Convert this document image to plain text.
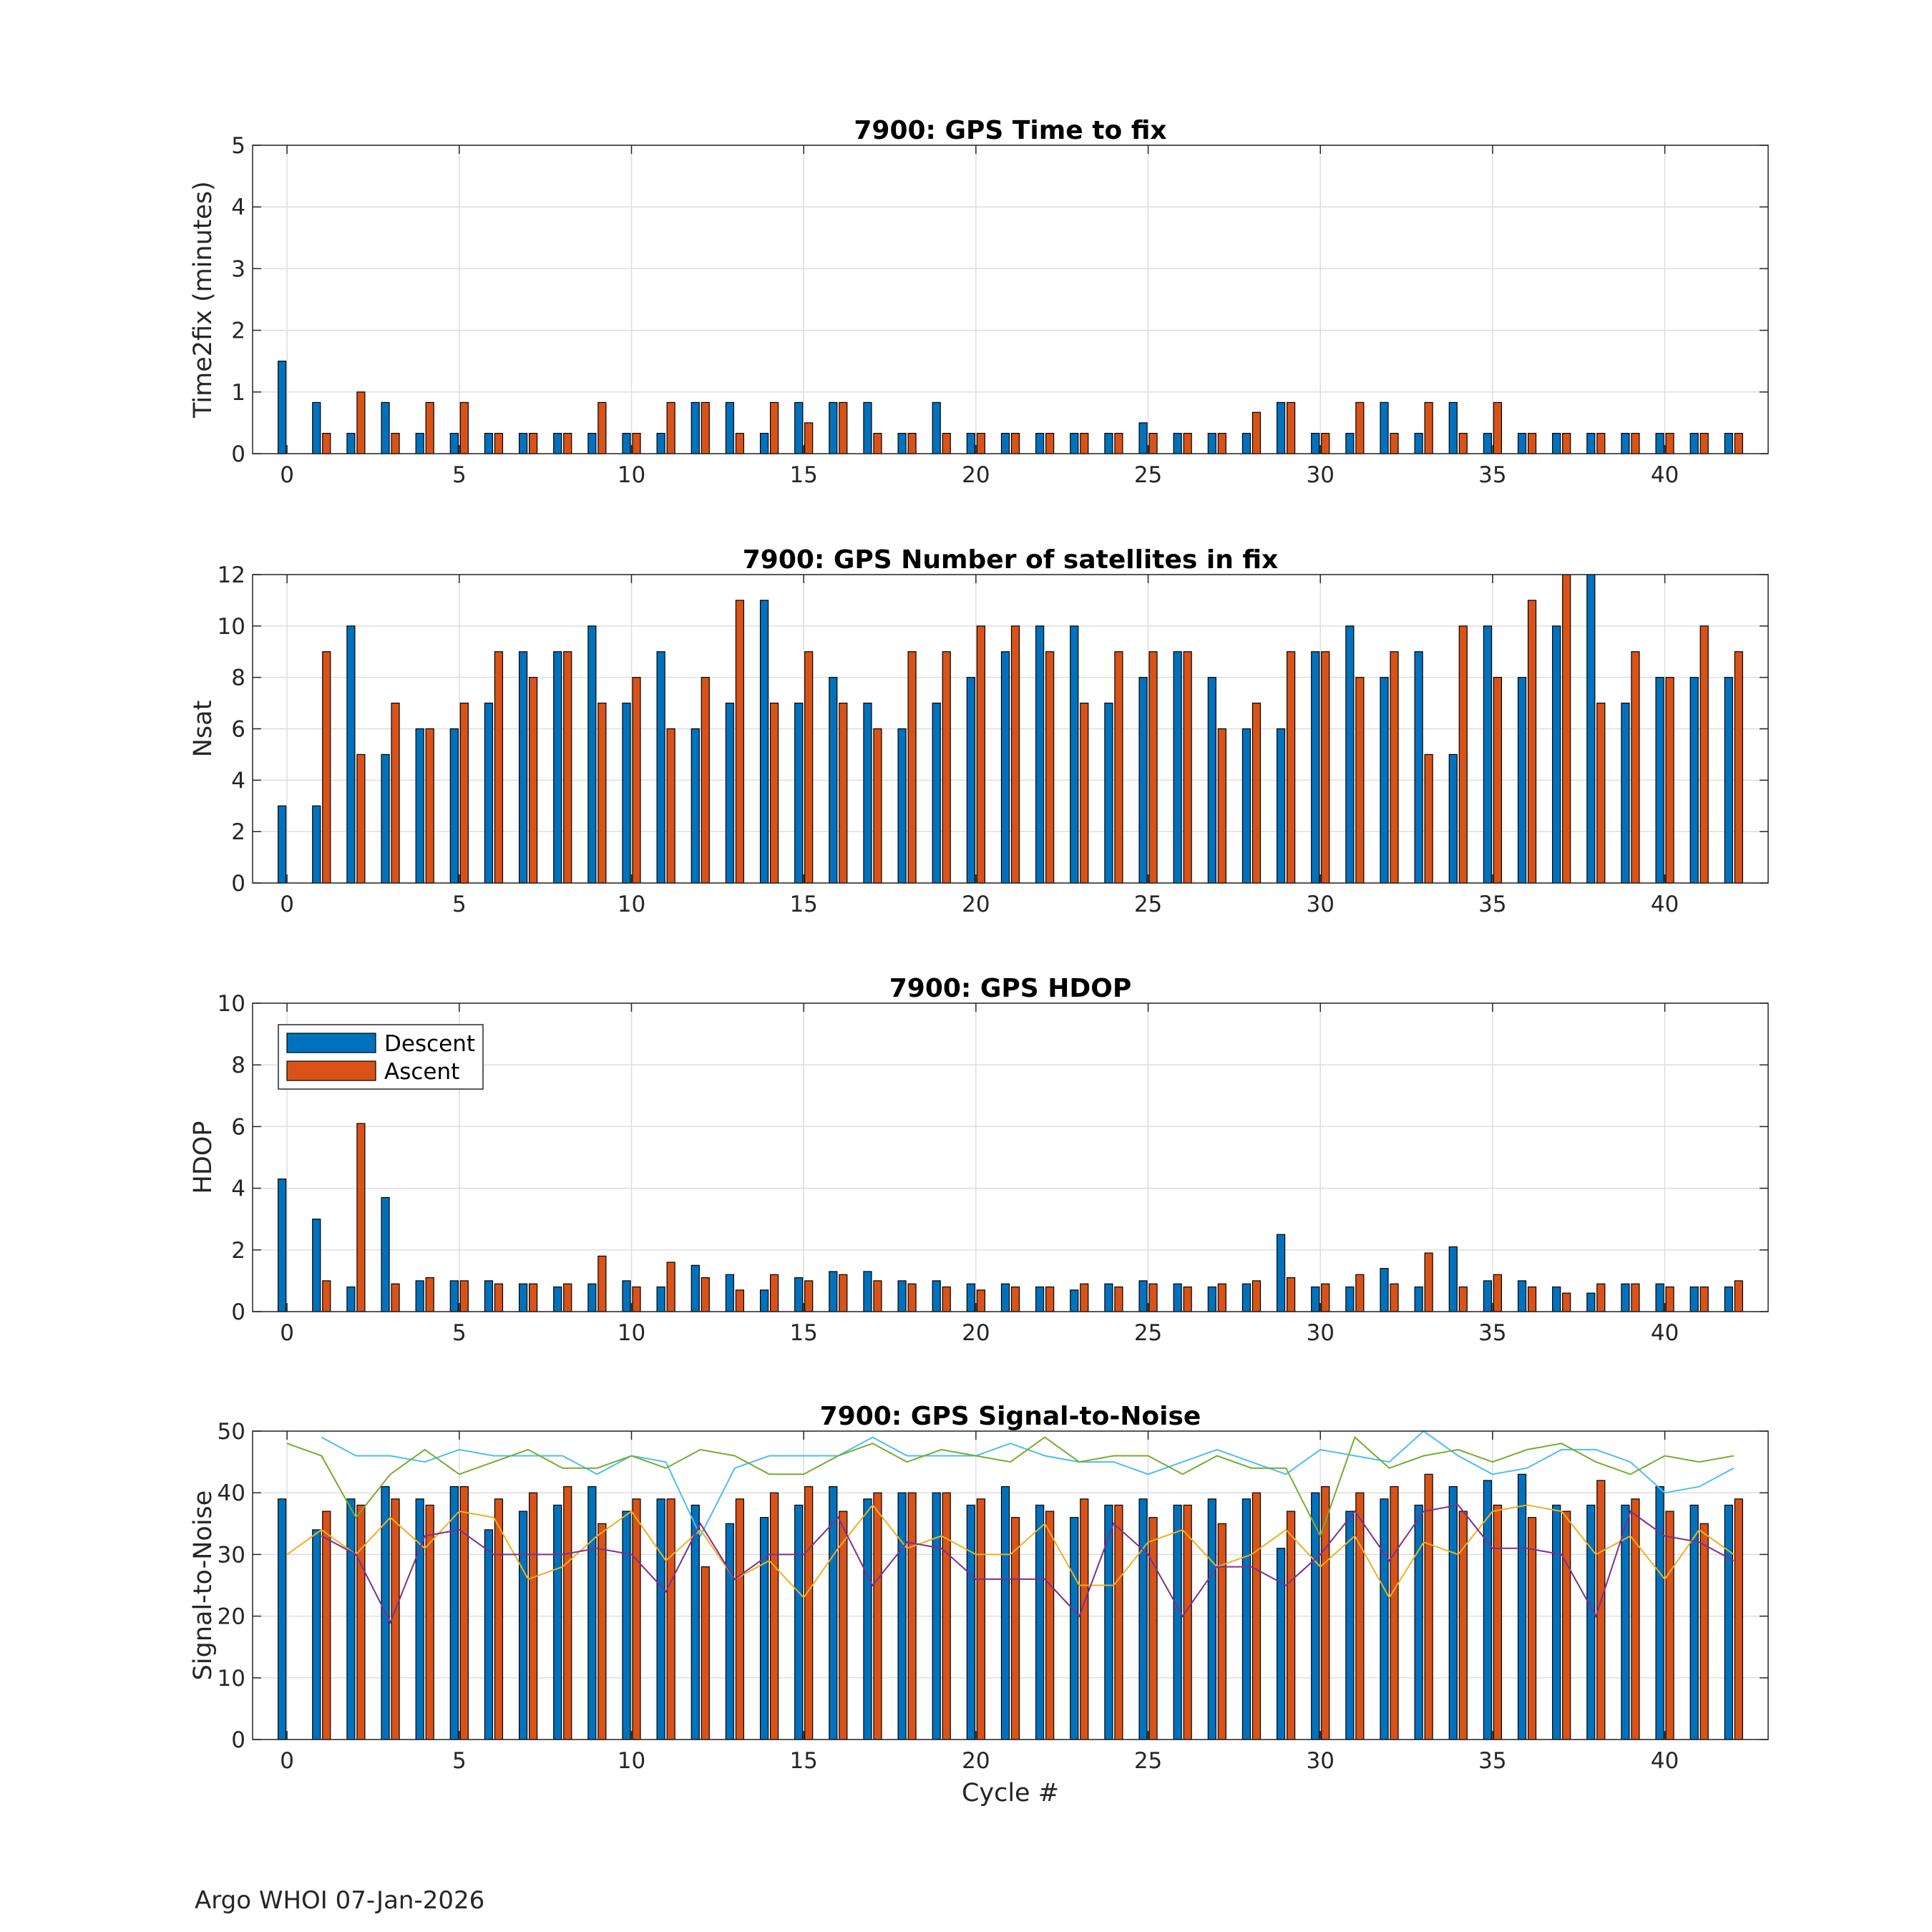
0	5	10	15	20	25	30	35	40
0
1
2
3
4
5
7900: GPS Time to fix
Time2fix (minutes)
0	5	10	15	20	25	30	35	40
0
2
4
6
8
10
12
7900: GPS Number of satellites in fix
Nsat
0	5	10	15	20	25	30	35	40
0
2
4
6
8
10
7900: GPS HDOP
HDOP
Descent
Ascent
0	5	10	15	20	25	30	35	40
0
10
20
30
40
50
7900: GPS Signal-to-Noise
Signal-to-Noise
Cycle #
Argo WHOI 07-Jan-2026
